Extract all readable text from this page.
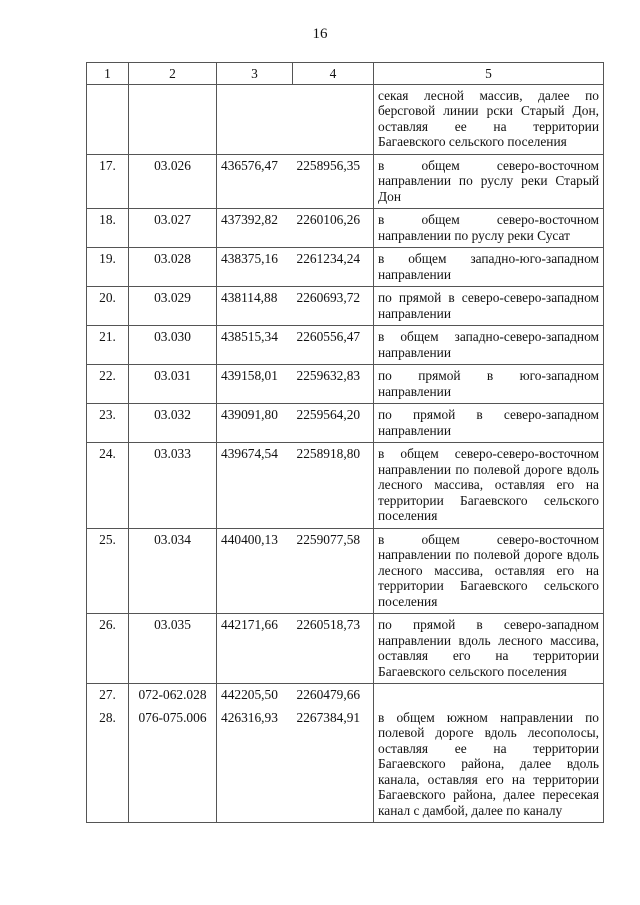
16
1	2	3	4	5
				секая лесной массив, далее по берсговой линии рски Старый Дон, оставляя ее на территории Багаевского сельского поселения
17.	03.026	436576,47	2258956,35	в общем северо-восточном направлении по руслу реки Старый Дон
18.	03.027	437392,82	2260106,26	в общем северо-восточном направлении по руслу реки Сусат
19.	03.028	438375,16	2261234,24	в общем западно-юго-западном направлении
20.	03.029	438114,88	2260693,72	по прямой в северо-северо-западном направлении
21.	03.030	438515,34	2260556,47	в общем западно-северо-западном направлении
22.	03.031	439158,01	2259632,83	по прямой в юго-западном направлении
23.	03.032	439091,80	2259564,20	по прямой в северо-западном направлении
24.	03.033	439674,54	2258918,80	в общем северо-северо-восточном направлении по полевой дороге вдоль лесного массива, оставляя его на территории Багаевского сельского поселения
25.	03.034	440400,13	2259077,58	в общем северо-восточном направлении по полевой дороге вдоль лесного массива, оставляя его на территории Багаевского сельского поселения
26.	03.035	442171,66	2260518,73	по прямой в северо-западном направлении вдоль лесного массива, оставляя его на территории Багаевского сельского поселения
27.	072-062.028	442205,50	2260479,66	
28.	076-075.006	426316,93	2267384,91	в общем южном направлении по полевой дороге вдоль лесополосы, оставляя ее на территории Багаевского района, далее вдоль канала, оставляя его на территории Багаевского района, далее пересекая канал с дамбой, далее по каналу
